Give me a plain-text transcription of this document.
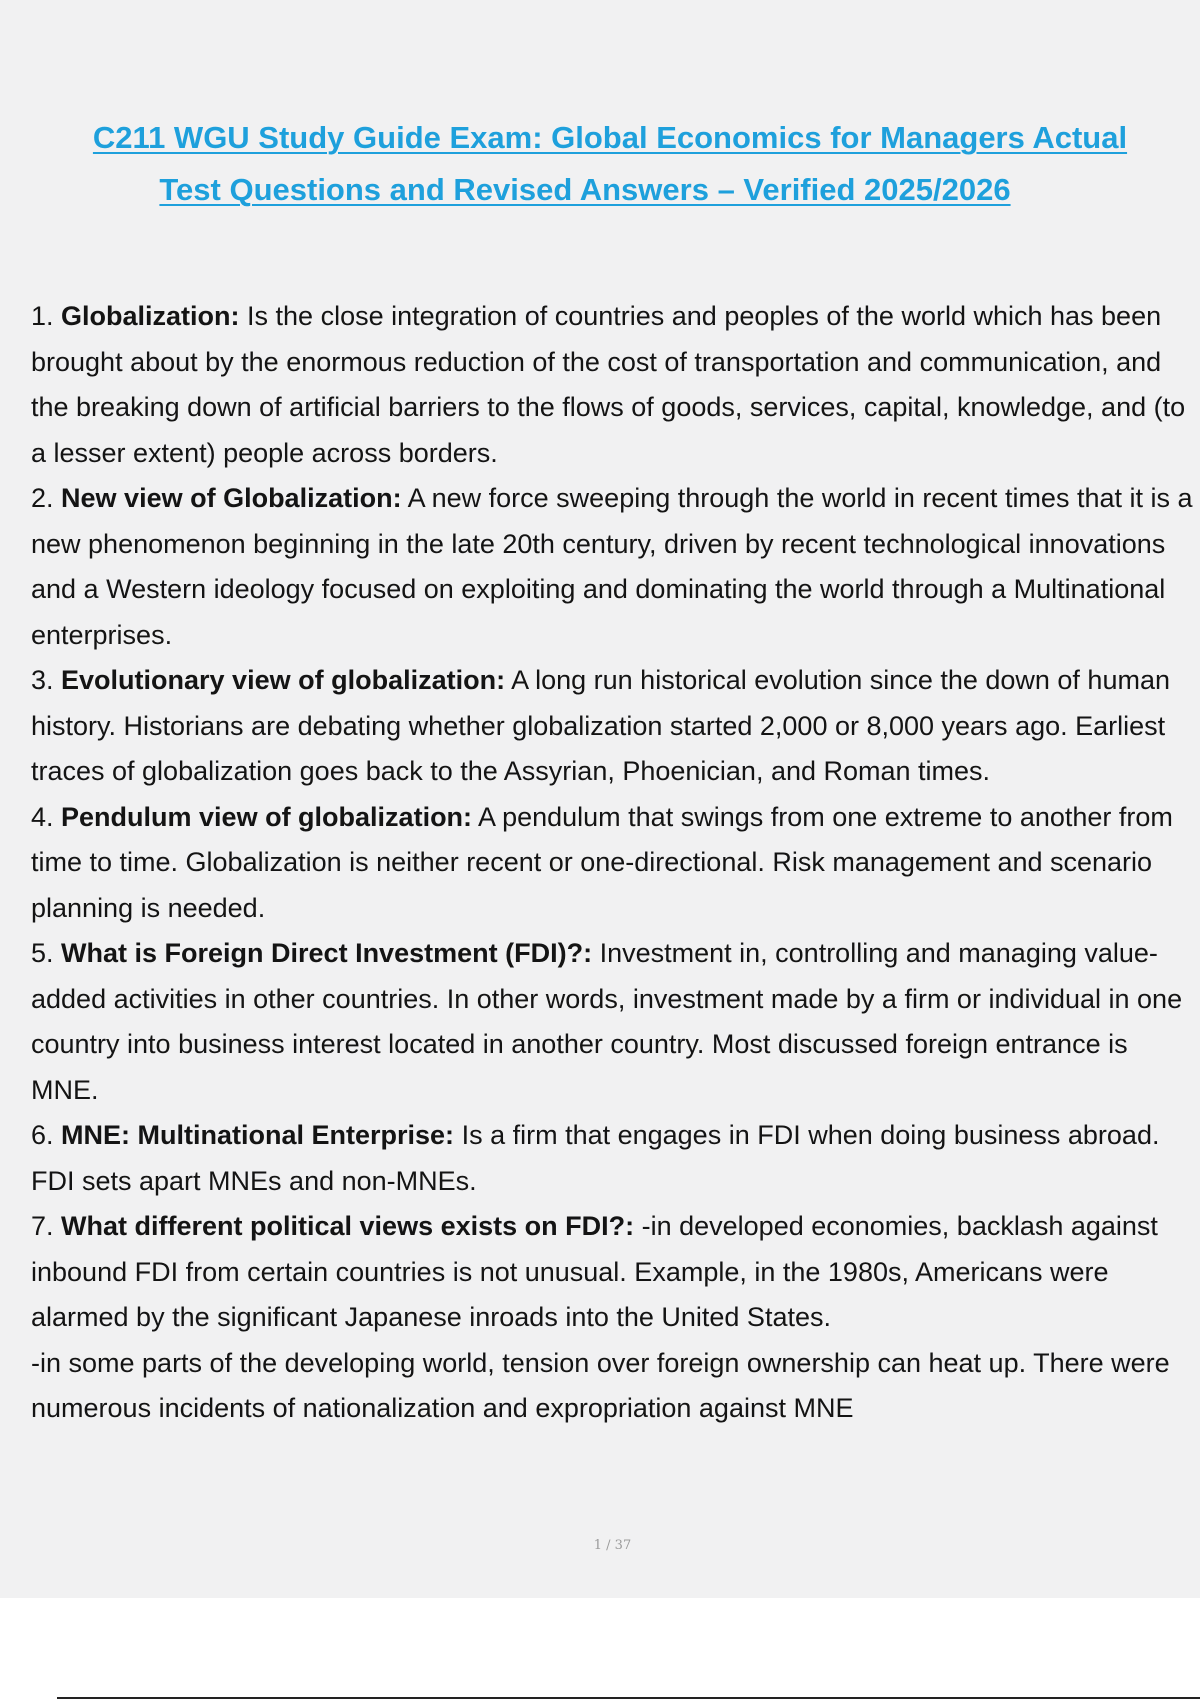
C211 WGU Study Guide Exam: Global Economics for Managers Actual
Test Questions and Revised Answers – Verified 2025/2026

1. Globalization: Is the close integration of countries and peoples of the world which has been brought about by the enormous reduction of the cost of transportation and communication, and the breaking down of artificial barriers to the flows of goods, services, capital, knowledge, and (to a lesser extent) people across borders.

2. New view of Globalization: A new force sweeping through the world in recent times that it is a new phenomenon beginning in the late 20th century, driven by recent technological innovations and a Western ideology focused on exploiting and dominating the world through a Multinational enterprises.

3. Evolutionary view of globalization: A long run historical evolution since the down of human history. Historians are debating whether globalization started 2,000 or 8,000 years ago. Earliest traces of globalization goes back to the Assyrian, Phoenician, and Roman times.

4. Pendulum view of globalization: A pendulum that swings from one extreme to another from time to time. Globalization is neither recent or one-directional. Risk management and scenario planning is needed.

5. What is Foreign Direct Investment (FDI)?: Investment in, controlling and managing value-added activities in other countries. In other words, investment made by a firm or individual in one country into business interest located in another country. Most discussed foreign entrance is MNE.

6. MNE: Multinational Enterprise: Is a firm that engages in FDI when doing business abroad. FDI sets apart MNEs and non-MNEs.

7. What different political views exists on FDI?: -in developed economies, backlash against inbound FDI from certain countries is not unusual. Example, in the 1980s, Americans were alarmed by the significant Japanese inroads into the United States.

-in some parts of the developing world, tension over foreign ownership can heat up. There were numerous incidents of nationalization and expropriation against MNE

1 / 37
